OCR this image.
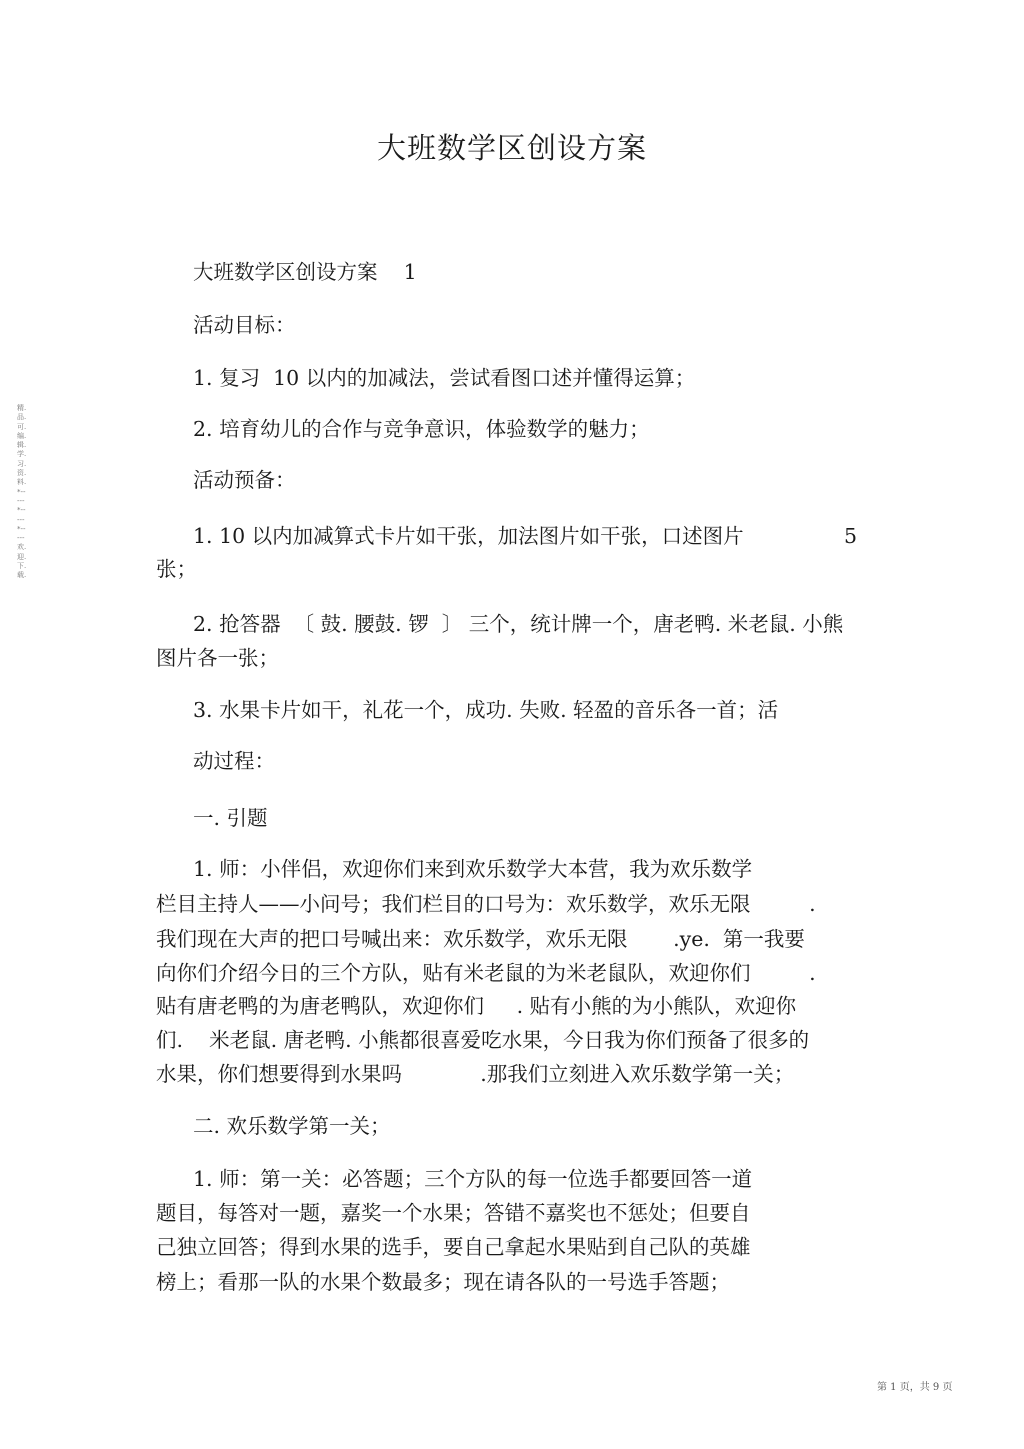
大班数学区创设方案
精.品.可.编.辑.学.习.资.料.*-----*-----*-----欢.迎.下.载.
大班数学区创设方案    1
活动目标：
1. 复习  10 以内的加减法，尝试看图口述并懂得运算；
2. 培育幼儿的合作与竞争意识，体验数学的魅力；
活动预备：
1. 10 以内加减算式卡片如干张，加法图片如干张，口述图片	5
张；
2. 抢答器  〔 鼓. 腰鼓. 锣  〕 三个，统计牌一个，唐老鸭. 米老鼠. 小熊
图片各一张；
3. 水果卡片如干，礼花一个，成功. 失败. 轻盈的音乐各一首；活
动过程：
一. 引题
1. 师：小伴侣，欢迎你们来到欢乐数学大本营，我为欢乐数学
栏目主持人——小问号；我们栏目的口号为：欢乐数学，欢乐无限         .
我们现在大声的把口号喊出来：欢乐数学，欢乐无限       .ye.  第一我要
向你们介绍今日的三个方队，贴有米老鼠的为米老鼠队，欢迎你们         .
贴有唐老鸭的为唐老鸭队，欢迎你们     . 贴有小熊的为小熊队，欢迎你
们.    米老鼠. 唐老鸭. 小熊都很喜爱吃水果，今日我为你们预备了很多的
水果，你们想要得到水果吗            .那我们立刻进入欢乐数学第一关；
二. 欢乐数学第一关；
1. 师：第一关：必答题；三个方队的每一位选手都要回答一道
题目，每答对一题，嘉奖一个水果；答错不嘉奖也不惩处；但要自
己独立回答；得到水果的选手，要自己拿起水果贴到自己队的英雄
榜上；看那一队的水果个数最多；现在请各队的一号选手答题；
第 1 页，共 9 页
